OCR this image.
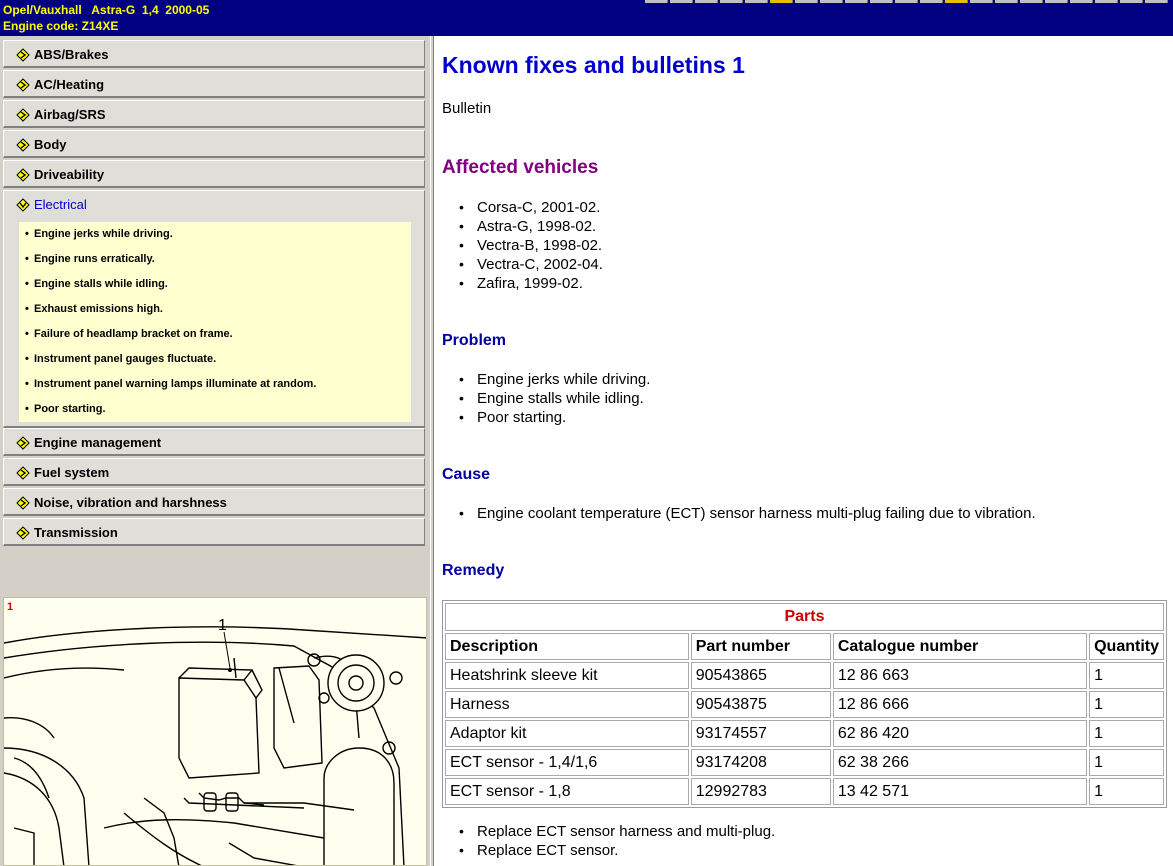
Opel/Vauxhall   Astra-G  1,4  2000-05
Engine code: Z14XE
ABS/Brakes
AC/Heating
Airbag/SRS
Body
Driveability
Electrical
• Engine jerks while driving.
• Engine runs erratically.
• Engine stalls while idling.
• Exhaust emissions high.
• Failure of headlamp bracket on frame.
• Instrument panel gauges fluctuate.
• Instrument panel warning lamps illuminate at random.
• Poor starting.
Engine management
Fuel system
Noise, vibration and harshness
Transmission
1
1
Known fixes and bulletins 1
Bulletin
Affected vehicles
• Corsa-C, 2001-02.
• Astra-G, 1998-02.
• Vectra-B, 1998-02.
• Vectra-C, 2002-04.
• Zafira, 1999-02.
Problem
• Engine jerks while driving.
• Engine stalls while idling.
• Poor starting.
Cause
• Engine coolant temperature (ECT) sensor harness multi-plug failing due to vibration.
Remedy
Parts			
Description	Part number	Catalogue number	Quantity
Heatshrink sleeve kit	90543865	12 86 663	1
Harness	90543875	12 86 666	1
Adaptor kit	93174557	62 86 420	1
ECT sensor - 1,4/1,6	93174208	62 38 266	1
ECT sensor - 1,8	12992783	13 42 571	1
• Replace ECT sensor harness and multi-plug.
• Replace ECT sensor.
